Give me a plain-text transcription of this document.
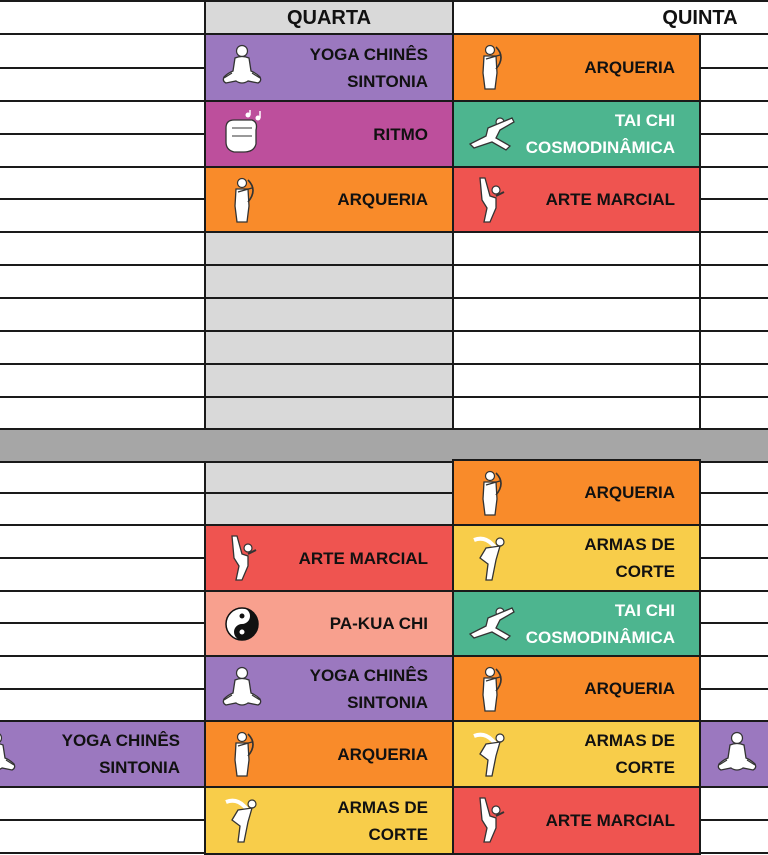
QUARTA	QUINTA
YOGA CHINÊS
SINTONIA
RITMO
ARQUERIA
ARQUERIA
TAI CHI
COSMODINÂMICA
ARTE MARCIAL
ARQUERIA
ARTE MARCIAL
ARMAS DE
CORTE
PA-KUA CHI
TAI CHI
COSMODINÂMICA
YOGA CHINÊS
SINTONIA
ARQUERIA
YOGA CHINÊS
SINTONIA
ARQUERIA
ARMAS DE
CORTE
ARMAS DE
CORTE
ARTE MARCIAL
